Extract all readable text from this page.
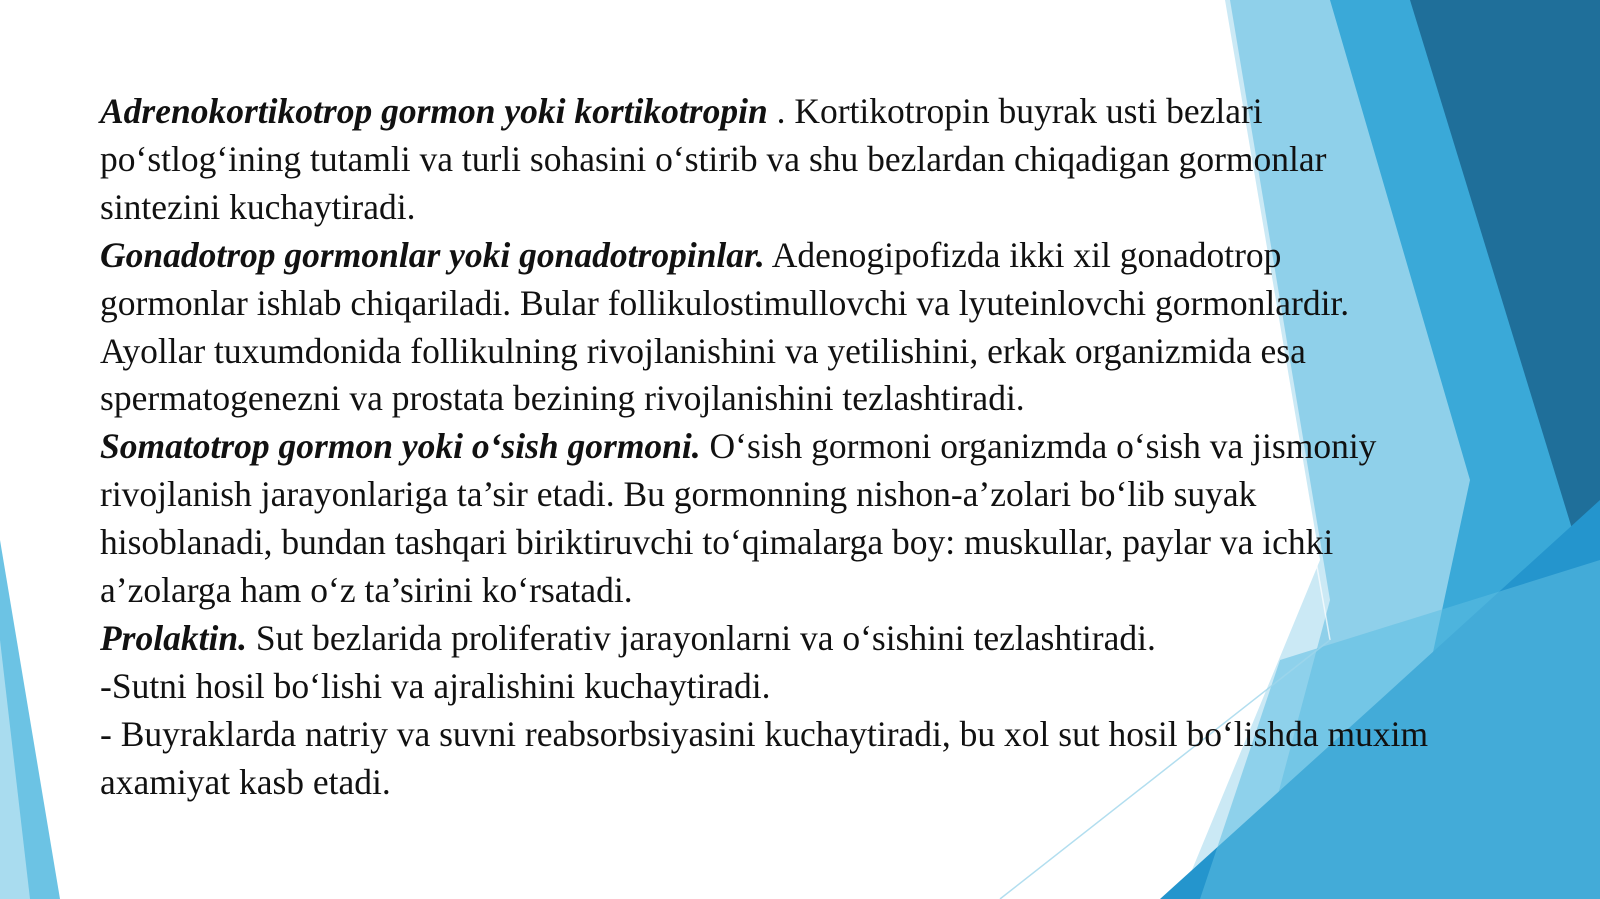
Adrenokortikotrop gormon yoki kortikotropin . Kortikotropin buyrak usti bezlari po‘stlog‘ining tutamli va turli sohasini o‘stirib va shu bezlardan chiqadigan gormonlar sintezini kuchaytiradi.

Gonadotrop gormonlar yoki gonadotropinlar. Adenogipofizda ikki xil gonadotrop gormonlar ishlab chiqariladi. Bular follikulostimullovchi va lyuteinlovchi gormonlardir. Ayollar tuxumdonida follikulning rivojlanishini va yetilishini, erkak organizmida esa spermatogenezni va prostata bezining rivojlanishini tezlashtiradi.

Somatotrop gormon yoki o‘sish gormoni. O‘sish gormoni organizmda o‘sish va jismoniy rivojlanish jarayonlariga ta’sir etadi. Bu gormonning nishon-a’zolari bo‘lib suyak hisoblanadi, bundan tashqari biriktiruvchi to‘qimalarga boy: muskullar, paylar va ichki a’zolarga ham o‘z ta’sirini ko‘rsatadi.

Prolaktin. Sut bezlarida proliferativ jarayonlarni va o‘sishini tezlashtiradi.

-Sutni hosil bo‘lishi va ajralishini kuchaytiradi.

- Buyraklarda natriy va suvni reabsorbsiyasini kuchaytiradi, bu xol sut hosil bo‘lishda muxim axamiyat kasb etadi.
